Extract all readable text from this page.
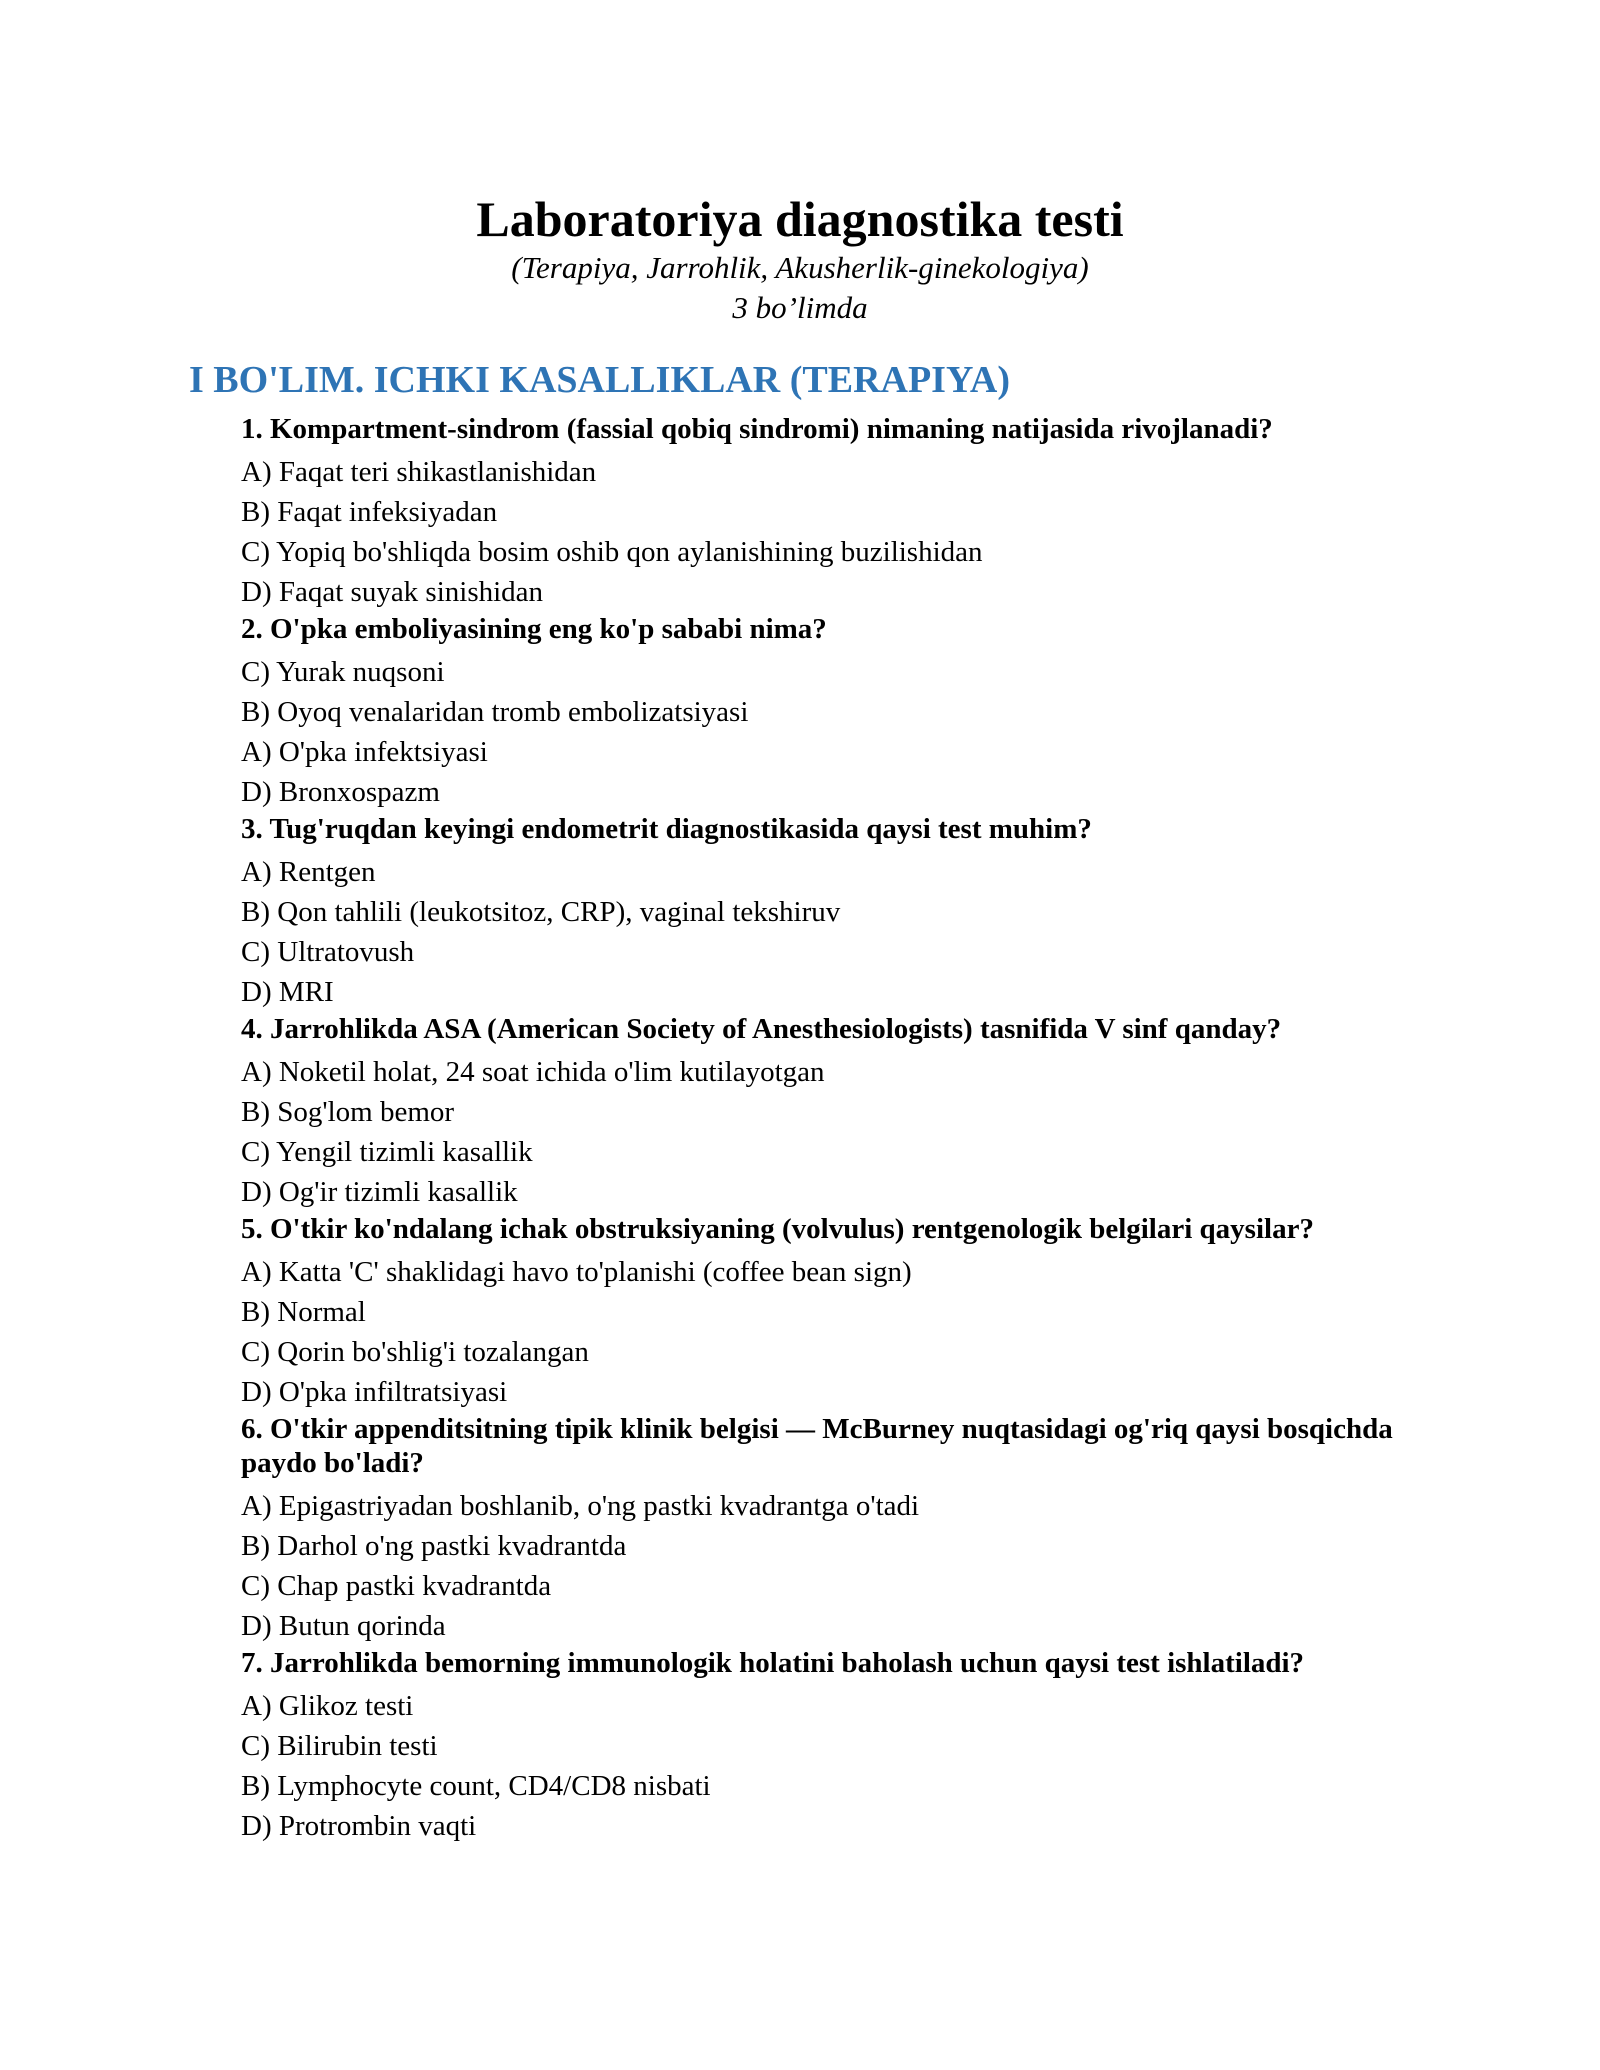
Laboratoriya diagnostika testi

(Terapiya, Jarrohlik, Akusherlik-ginekologiya)

3 bo’limda

I BO'LIM. ICHKI KASALLIKLAR (TERAPIYA)
1. Kompartment-sindrom (fassial qobiq sindromi) nimaning natijasida rivojlanadi?
A) Faqat teri shikastlanishidan
B) Faqat infeksiyadan
C) Yopiq bo'shliqda bosim oshib qon aylanishining buzilishidan
D) Faqat suyak sinishidan
2. O'pka emboliyasining eng ko'p sababi nima?
C) Yurak nuqsoni
B) Oyoq venalaridan tromb embolizatsiyasi
A) O'pka infektsiyasi
D) Bronxospazm
3. Tug'ruqdan keyingi endometrit diagnostikasida qaysi test muhim?
A) Rentgen
B) Qon tahlili (leukotsitoz, CRP), vaginal tekshiruv
C) Ultratovush
D) MRI
4. Jarrohlikda ASA (American Society of Anesthesiologists) tasnifida V sinf qanday?
A) Noketil holat, 24 soat ichida o'lim kutilayotgan
B) Sog'lom bemor
C) Yengil tizimli kasallik
D) Og'ir tizimli kasallik
5. O'tkir ko'ndalang ichak obstruksiyaning (volvulus) rentgenologik belgilari qaysilar?
A) Katta 'C' shaklidagi havo to'planishi (coffee bean sign)
B) Normal
C) Qorin bo'shlig'i tozalangan
D) O'pka infiltratsiyasi
6. O'tkir appenditsitning tipik klinik belgisi — McBurney nuqtasidagi og'riq qaysi bosqichda paydo bo'ladi?
A) Epigastriyadan boshlanib, o'ng pastki kvadrantga o'tadi
B) Darhol o'ng pastki kvadrantda
C) Chap pastki kvadrantda
D) Butun qorinda
7. Jarrohlikda bemorning immunologik holatini baholash uchun qaysi test ishlatiladi?
A) Glikoz testi
C) Bilirubin testi
B) Lymphocyte count, CD4/CD8 nisbati
D) Protrombin vaqti
